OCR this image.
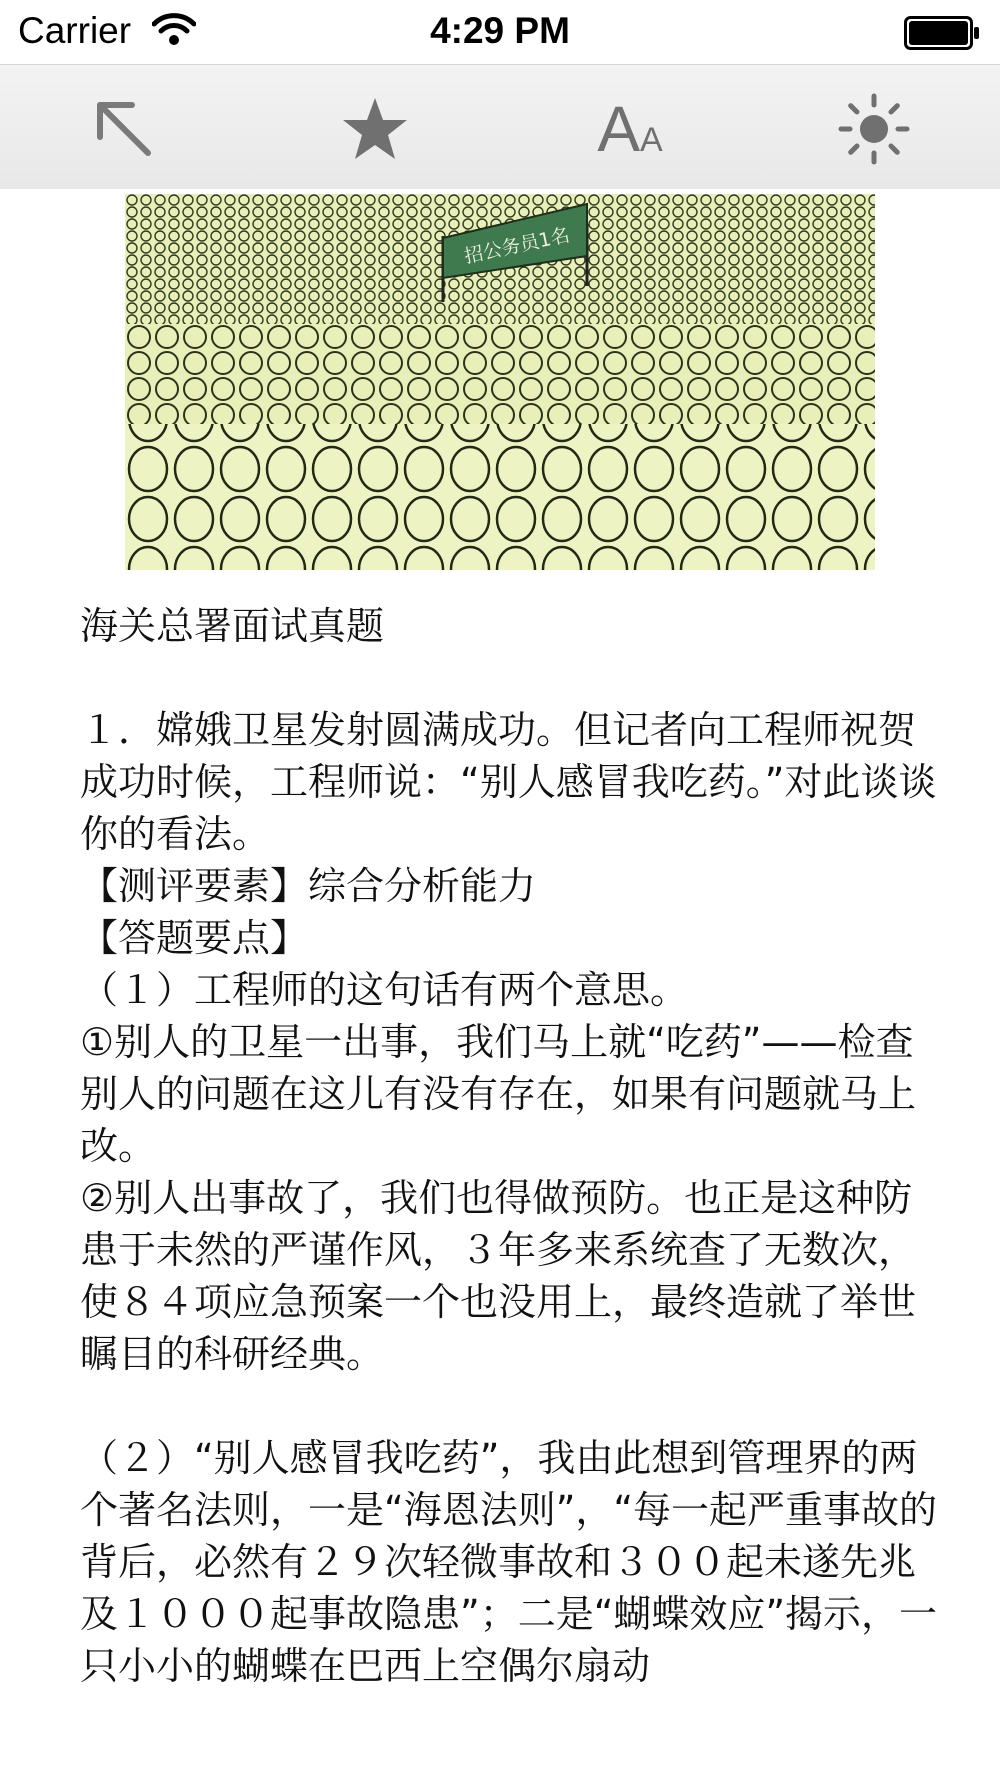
Carrier	4:29 PM
AA
招公务员1名

海关总署面试真题

１．嫦娥卫星发射圆满成功。但记者向工程师祝贺成功时候，工程师说：“别人感冒我吃药。”对此谈谈你的看法。

【测评要素】综合分析能力

【答题要点】

（１）工程师的这句话有两个意思。

①别人的卫星一出事，我们马上就“吃药”——检查别人的问题在这儿有没有存在，如果有问题就马上改。

②别人出事故了，我们也得做预防。也正是这种防患于未然的严谨作风，３年多来系统查了无数次，使８４项应急预案一个也没用上，最终造就了举世瞩目的科研经典。

（２）“别人感冒我吃药”，我由此想到管理界的两个著名法则，一是“海恩法则”，“每一起严重事故的背后，必然有２９次轻微事故和３００起未遂先兆及１０００起事故隐患”；二是“蝴蝶效应”揭示，一只小小的蝴蝶在巴西上空偶尔扇动
